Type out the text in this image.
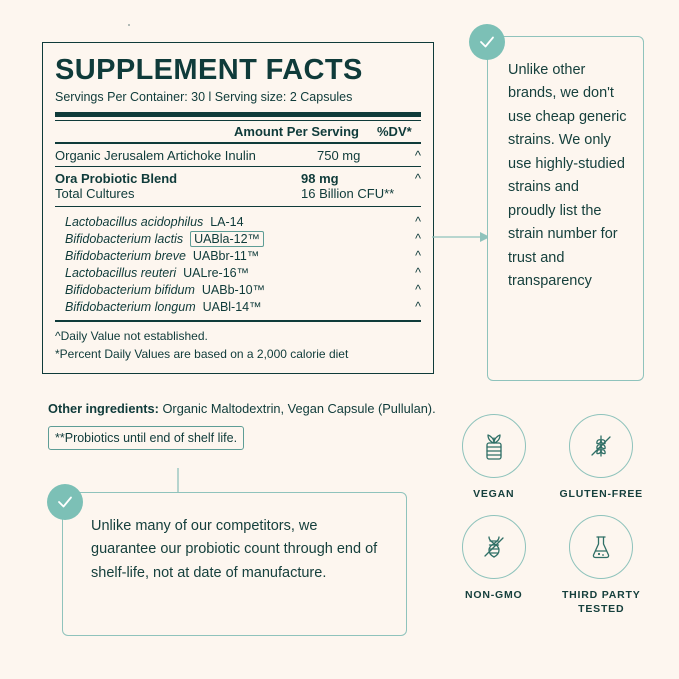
SUPPLEMENT FACTS
Servings Per Container: 30 l Serving size: 2 Capsules
Amount Per Serving %DV*
Organic Jerusalem Artichoke Inulin	750 mg	^
Ora Probiotic Blend	98 mg	^
Total Cultures	16 Billion CFU**
Lactobacillus acidophilus LA-14	^
Bifidobacterium lactis UABla-12™	^
Bifidobacterium breve UABbr-11™	^
Lactobacillus reuteri UALre-16™	^
Bifidobacterium bifidum UABb-10™	^
Bifidobacterium longum UABl-14™	^
^Daily Value not established.
*Percent Daily Values are based on a 2,000 calorie diet
Other ingredients: Organic Maltodextrin, Vegan Capsule (Pullulan).
**Probiotics until end of shelf life.
Unlike other brands, we don't use cheap generic strains. We only use highly-studied strains and proudly list the strain number for trust and transparency
Unlike many of our competitors, we guarantee our probiotic count through end of shelf-life, not at date of manufacture.
VEGAN	GLUTEN-FREE
NON-GMO	THIRD PARTY TESTED
